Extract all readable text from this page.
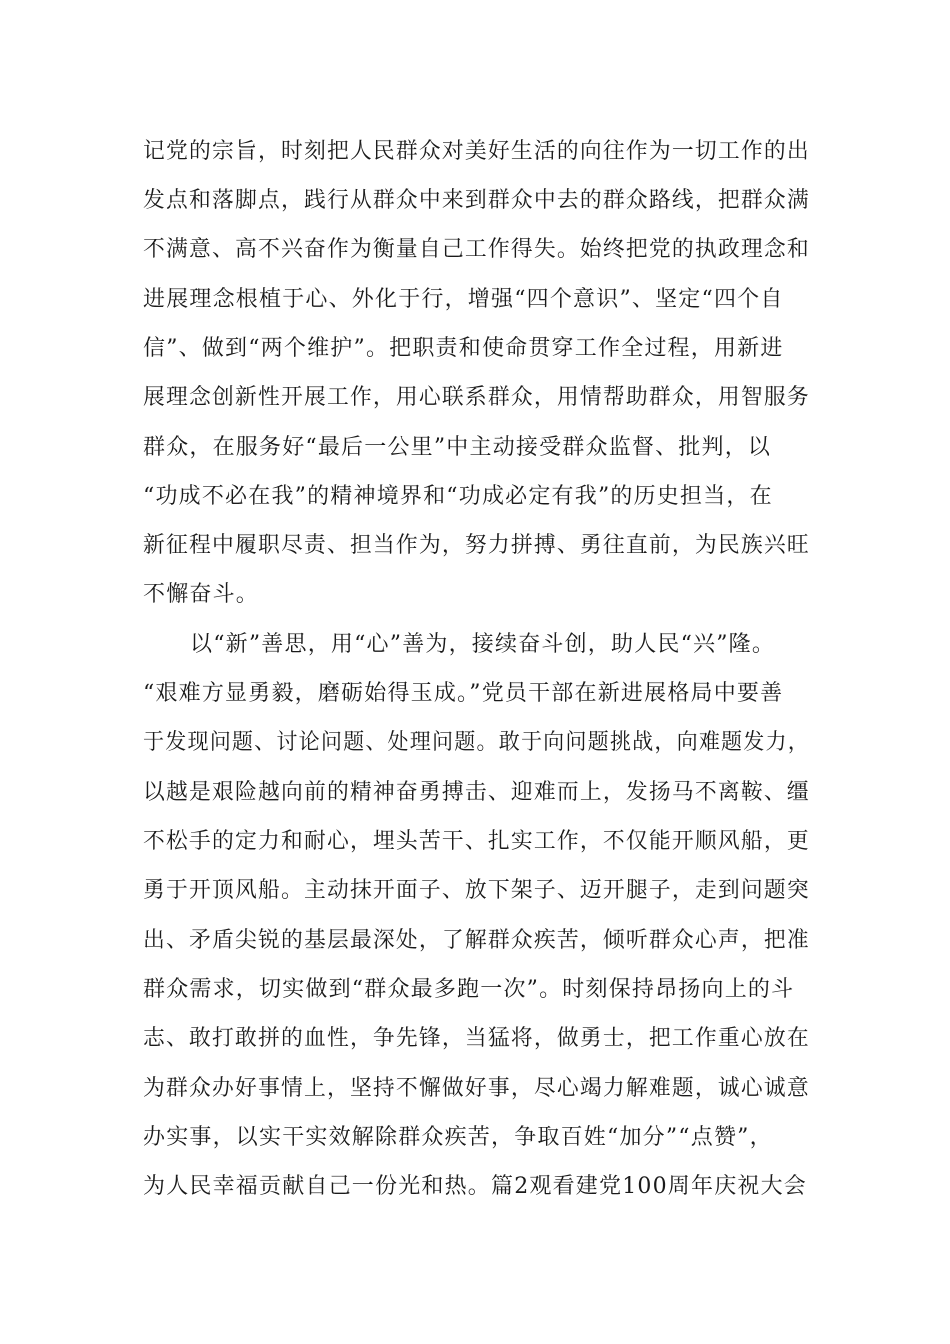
记党的宗旨，时刻把人民群众对美好生活的向往作为一切工作的出
发点和落脚点，践行从群众中来到群众中去的群众路线，把群众满
不满意、高不兴奋作为衡量自己工作得失。始终把党的执政理念和
进展理念根植于心、外化于行，增强“四个意识”、坚定“四个自
信”、做到“两个维护”。把职责和使命贯穿工作全过程，用新进
展理念创新性开展工作，用心联系群众，用情帮助群众，用智服务
群众，在服务好“最后一公里”中主动接受群众监督、批判，以
“功成不必在我”的精神境界和“功成必定有我”的历史担当，在
新征程中履职尽责、担当作为，努力拼搏、勇往直前，为民族兴旺
不懈奋斗。
以“新”善思，用“心”善为，接续奋斗创，助人民“兴”隆。
“艰难方显勇毅，磨砺始得玉成。”党员干部在新进展格局中要善
于发现问题、讨论问题、处理问题。敢于向问题挑战，向难题发力，
以越是艰险越向前的精神奋勇搏击、迎难而上，发扬马不离鞍、缰
不松手的定力和耐心，埋头苦干、扎实工作，不仅能开顺风船，更
勇于开顶风船。主动抹开面子、放下架子、迈开腿子，走到问题突
出、矛盾尖锐的基层最深处，了解群众疾苦，倾听群众心声，把准
群众需求，切实做到“群众最多跑一次”。时刻保持昂扬向上的斗
志、敢打敢拼的血性，争先锋，当猛将，做勇士，把工作重心放在
为群众办好事情上，坚持不懈做好事，尽心竭力解难题，诚心诚意
办实事，以实干实效解除群众疾苦，争取百姓“加分”“点赞”，
为人民幸福贡献自己一份光和热。篇2观看建党100周年庆祝大会
